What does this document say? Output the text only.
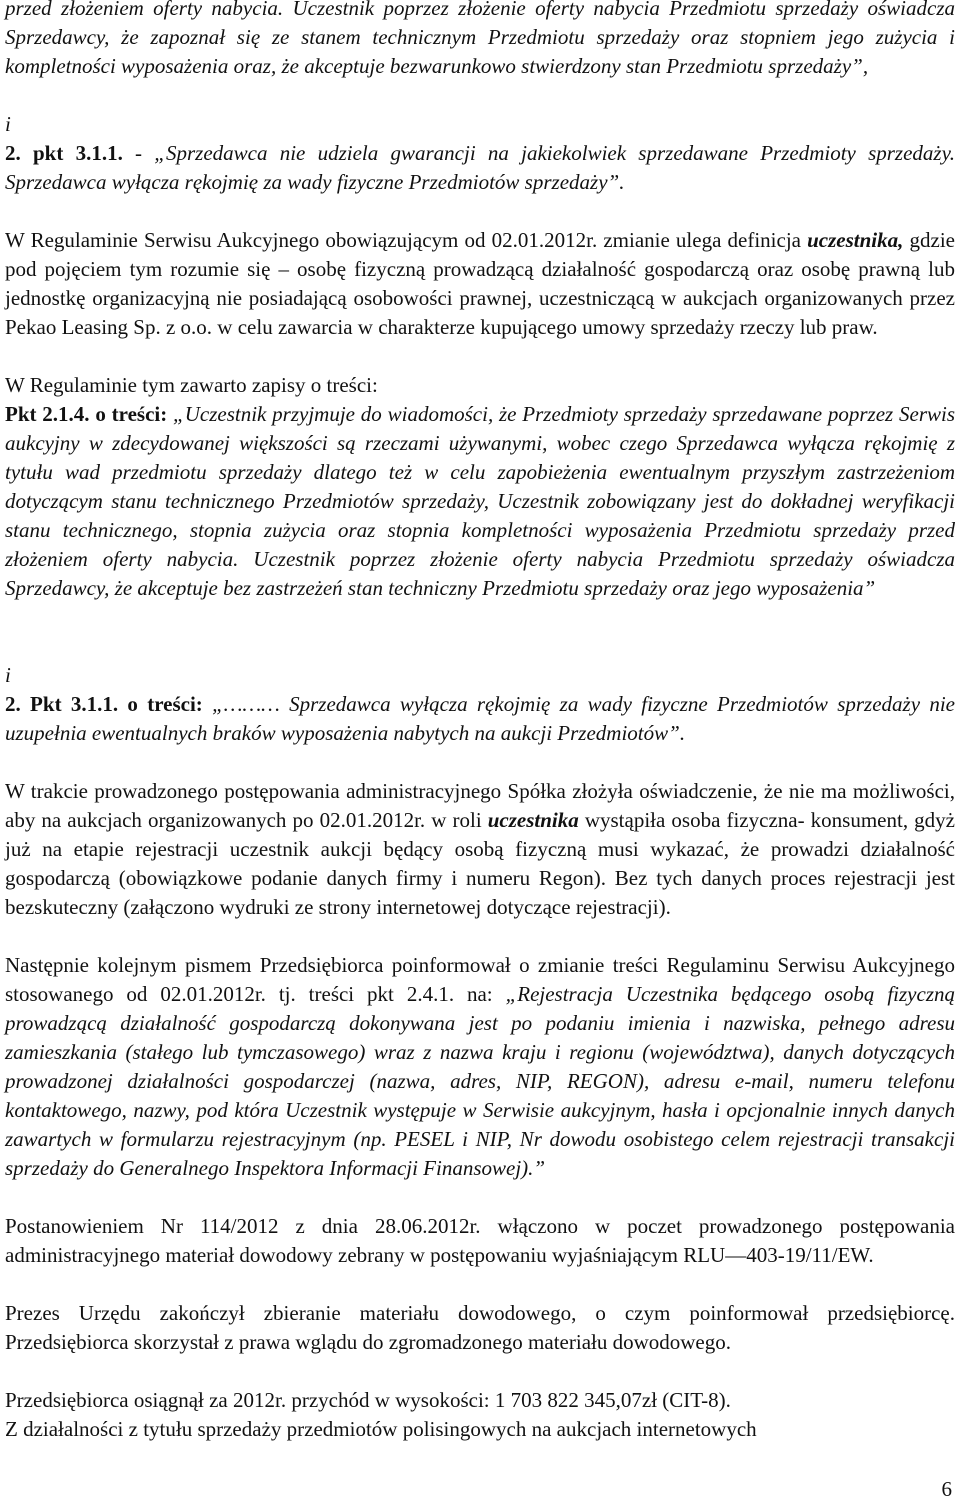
przed złożeniem oferty nabycia. Uczestnik poprzez złożenie oferty nabycia Przedmiotu sprzedaży oświadcza Sprzedawcy, że zapoznał się ze stanem technicznym Przedmiotu sprzedaży oraz stopniem jego zużycia i kompletności wyposażenia oraz, że akceptuje bezwarunkowo stwierdzony stan Przedmiotu sprzedaży”,

i

2. pkt 3.1.1. - „Sprzedawca nie udziela gwarancji na jakiekolwiek sprzedawane Przedmioty sprzedaży. Sprzedawca wyłącza rękojmię za wady fizyczne Przedmiotów sprzedaży”.

W Regulaminie Serwisu Aukcyjnego obowiązującym od 02.01.2012r. zmianie ulega definicja uczestnika, gdzie pod pojęciem tym rozumie się – osobę fizyczną prowadzącą działalność gospodarczą oraz osobę prawną lub jednostkę organizacyjną nie posiadającą osobowości prawnej, uczestniczącą w aukcjach organizowanych przez Pekao Leasing Sp. z o.o. w celu zawarcia w charakterze kupującego umowy sprzedaży rzeczy lub praw.

W Regulaminie tym zawarto zapisy o treści:

Pkt 2.1.4. o treści: „Uczestnik przyjmuje do wiadomości, że Przedmioty sprzedaży sprzedawane poprzez Serwis aukcyjny w zdecydowanej większości są rzeczami używanymi, wobec czego Sprzedawca wyłącza rękojmię z tytułu wad przedmiotu sprzedaży dlatego też w celu zapobieżenia ewentualnym przyszłym zastrzeżeniom dotyczącym stanu technicznego Przedmiotów sprzedaży, Uczestnik zobowiązany jest do dokładnej weryfikacji stanu technicznego, stopnia zużycia oraz stopnia kompletności wyposażenia Przedmiotu sprzedaży przed złożeniem oferty nabycia. Uczestnik poprzez złożenie oferty nabycia Przedmiotu sprzedaży oświadcza Sprzedawcy, że akceptuje bez zastrzeżeń stan techniczny Przedmiotu sprzedaży oraz jego wyposażenia”

i

2. Pkt 3.1.1. o treści: „……… Sprzedawca wyłącza rękojmię za wady fizyczne Przedmiotów sprzedaży nie uzupełnia ewentualnych braków wyposażenia nabytych na aukcji Przedmiotów”.

W trakcie prowadzonego postępowania administracyjnego Spółka złożyła oświadczenie, że nie ma możliwości, aby na aukcjach organizowanych po 02.01.2012r. w roli uczestnika wystąpiła osoba fizyczna- konsument, gdyż już na etapie rejestracji uczestnik aukcji będący osobą fizyczną musi wykazać, że prowadzi działalność gospodarczą (obowiązkowe podanie danych firmy i numeru Regon). Bez tych danych proces rejestracji jest bezskuteczny (załączono wydruki ze strony internetowej dotyczące rejestracji).

Następnie kolejnym pismem Przedsiębiorca poinformował o zmianie treści Regulaminu Serwisu Aukcyjnego stosowanego od 02.01.2012r. tj. treści pkt 2.4.1. na: „Rejestracja Uczestnika będącego osobą fizyczną prowadzącą działalność gospodarczą dokonywana jest po podaniu imienia i nazwiska, pełnego adresu zamieszkania (stałego lub tymczasowego) wraz z nazwa kraju i regionu (województwa), danych dotyczących prowadzonej działalności gospodarczej (nazwa, adres, NIP, REGON), adresu e-mail, numeru telefonu kontaktowego, nazwy, pod która Uczestnik występuje w Serwisie aukcyjnym, hasła i opcjonalnie innych danych zawartych w formularzu rejestracyjnym (np. PESEL i NIP, Nr dowodu osobistego celem rejestracji transakcji sprzedaży do Generalnego Inspektora Informacji Finansowej).”

Postanowieniem Nr 114/2012 z dnia 28.06.2012r. włączono w poczet prowadzonego postępowania administracyjnego materiał dowodowy zebrany w postępowaniu wyjaśniającym RLU—403-19/11/EW.

Prezes Urzędu zakończył zbieranie materiału dowodowego, o czym poinformował przedsiębiorcę. Przedsiębiorca skorzystał z prawa wglądu do zgromadzonego materiału dowodowego.

Przedsiębiorca osiągnął za 2012r. przychód w wysokości: 1 703 822 345,07zł (CIT-8).

Z działalności z tytułu sprzedaży przedmiotów polisingowych na aukcjach internetowych

6
